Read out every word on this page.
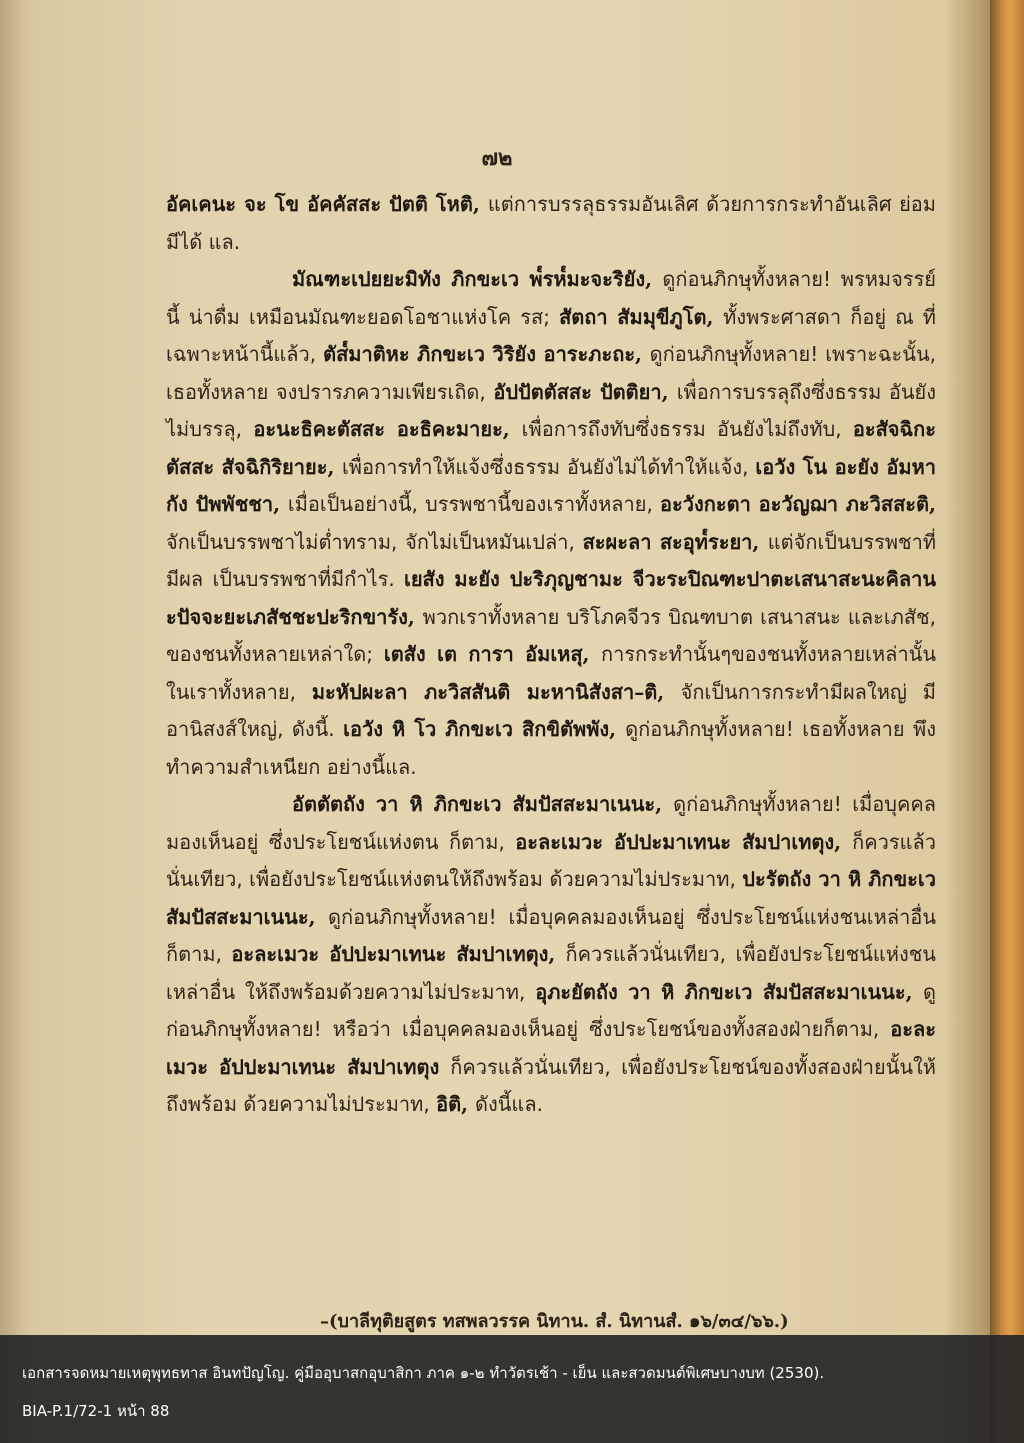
๗๒

อัคเคนะ จะ โข อัคคัสสะ ปัตติ โหติ, แต่การบรรลุธรรมอันเลิศ ด้วยการกระทำอันเลิศ ย่อมมีได้ แล.

มัณฑะเปยยะมิทัง ภิกขะเว พ๎รห๎มะจะริยัง, ดูก่อนภิกษุทั้งหลาย! พรหมจรรย์นี้ น่าดื่ม เหมือนมัณฑะยอดโอชาแห่งโค รส; สัตถา สัมมุขีภูโต, ทั้งพระศาสดา ก็อยู่ ณ ที่เฉพาะหน้านี้แล้ว, ตัส๎มาติหะ ภิกขะเว วิริยัง อาระภะถะ, ดูก่อนภิกษุทั้งหลาย! เพราะฉะนั้น, เธอทั้งหลาย จงปรารภความเพียรเถิด, อัปปัตตัสสะ ปัตติยา, เพื่อการบรรลุถึงซึ่งธรรม อันยังไม่บรรลุ, อะนะธิคะตัสสะ อะธิคะมายะ, เพื่อการถึงทับซึ่งธรรม อันยังไม่ถึงทับ, อะสัจฉิกะตัสสะ สัจฉิกิริยายะ, เพื่อการทำให้แจ้งซึ่งธรรม อันยังไม่ได้ทำให้แจ้ง, เอวัง โน อะยัง อัมหากัง ปัพพัชชา, เมื่อเป็นอย่างนี้, บรรพชานี้ของเราทั้งหลาย, อะวังกะตา อะวัญฌา ภะวิสสะติ, จักเป็นบรรพชาไม่ต่ำทราม, จักไม่เป็นหมันเปล่า, สะผะลา สะอุท๎ระยา, แต่จักเป็นบรรพชาที่มีผล เป็นบรรพชาที่มีกำไร. เยสัง มะยัง ปะริภุญชามะ จีวะระปิณฑะปาตะเสนาสะนะคิลานะปัจจะยะเภสัชชะปะริกขารัง, พวกเราทั้งหลาย บริโภคจีวร บิณฑบาต เสนาสนะ และเภสัช, ของชนทั้งหลายเหล่าใด; เตสัง เต การา อัมเหสุ, การกระทำนั้นๆของชนทั้งหลายเหล่านั้น ในเราทั้งหลาย, มะหัปผะลา ภะวิสสันติ มะหานิสังสา–ติ, จักเป็นการกระทำมีผลใหญ่ มีอานิสงส์ใหญ่, ดังนี้. เอวัง หิ โว ภิกขะเว สิกขิตัพพัง, ดูก่อนภิกษุทั้งหลาย! เธอทั้งหลาย พึงทำความสำเหนียก อย่างนี้แล.

อัตตัตถัง วา หิ ภิกขะเว สัมปัสสะมาเนนะ, ดูก่อนภิกษุทั้งหลาย! เมื่อบุคคลมองเห็นอยู่ ซึ่งประโยชน์แห่งตน ก็ตาม, อะละเมวะ อัปปะมาเทนะ สัมปาเทตุง, ก็ควรแล้วนั่นเทียว, เพื่อยังประโยชน์แห่งตนให้ถึงพร้อม ด้วยความไม่ประมาท, ปะรัตถัง วา หิ ภิกขะเว สัมปัสสะมาเนนะ, ดูก่อนภิกษุทั้งหลาย! เมื่อบุคคลมองเห็นอยู่ ซึ่งประโยชน์แห่งชนเหล่าอื่น ก็ตาม, อะละเมวะ อัปปะมาเทนะ สัมปาเทตุง, ก็ควรแล้วนั่นเทียว, เพื่อยังประโยชน์แห่งชนเหล่าอื่น ให้ถึงพร้อมด้วยความไม่ประมาท, อุภะยัตถัง วา หิ ภิกขะเว สัมปัสสะมาเนนะ, ดูก่อนภิกษุทั้งหลาย! หรือว่า เมื่อบุคคลมองเห็นอยู่ ซึ่งประโยชน์ของทั้งสองฝ่ายก็ตาม, อะละเมวะ อัปปะมาเทนะ สัมปาเทตุง ก็ควรแล้วนั่นเทียว, เพื่อยังประโยชน์ของทั้งสองฝ่ายนั้นให้ถึงพร้อม ด้วยความไม่ประมาท, อิติ, ดังนี้แล.

–(บาลีทุติยสูตร ทสพลวรรค นิทาน. สํ. นิทานสํ. ๑๖/๓๔/๖๖.)
เอกสารจดหมายเหตุพุทธทาส อินทปัญโญ. คู่มืออุบาสกอุบาสิกา ภาค ๑-๒ ทำวัตรเช้า - เย็น และสวดมนต์พิเศษบางบท (2530).
BIA-P.1/72-1 หน้า 88
